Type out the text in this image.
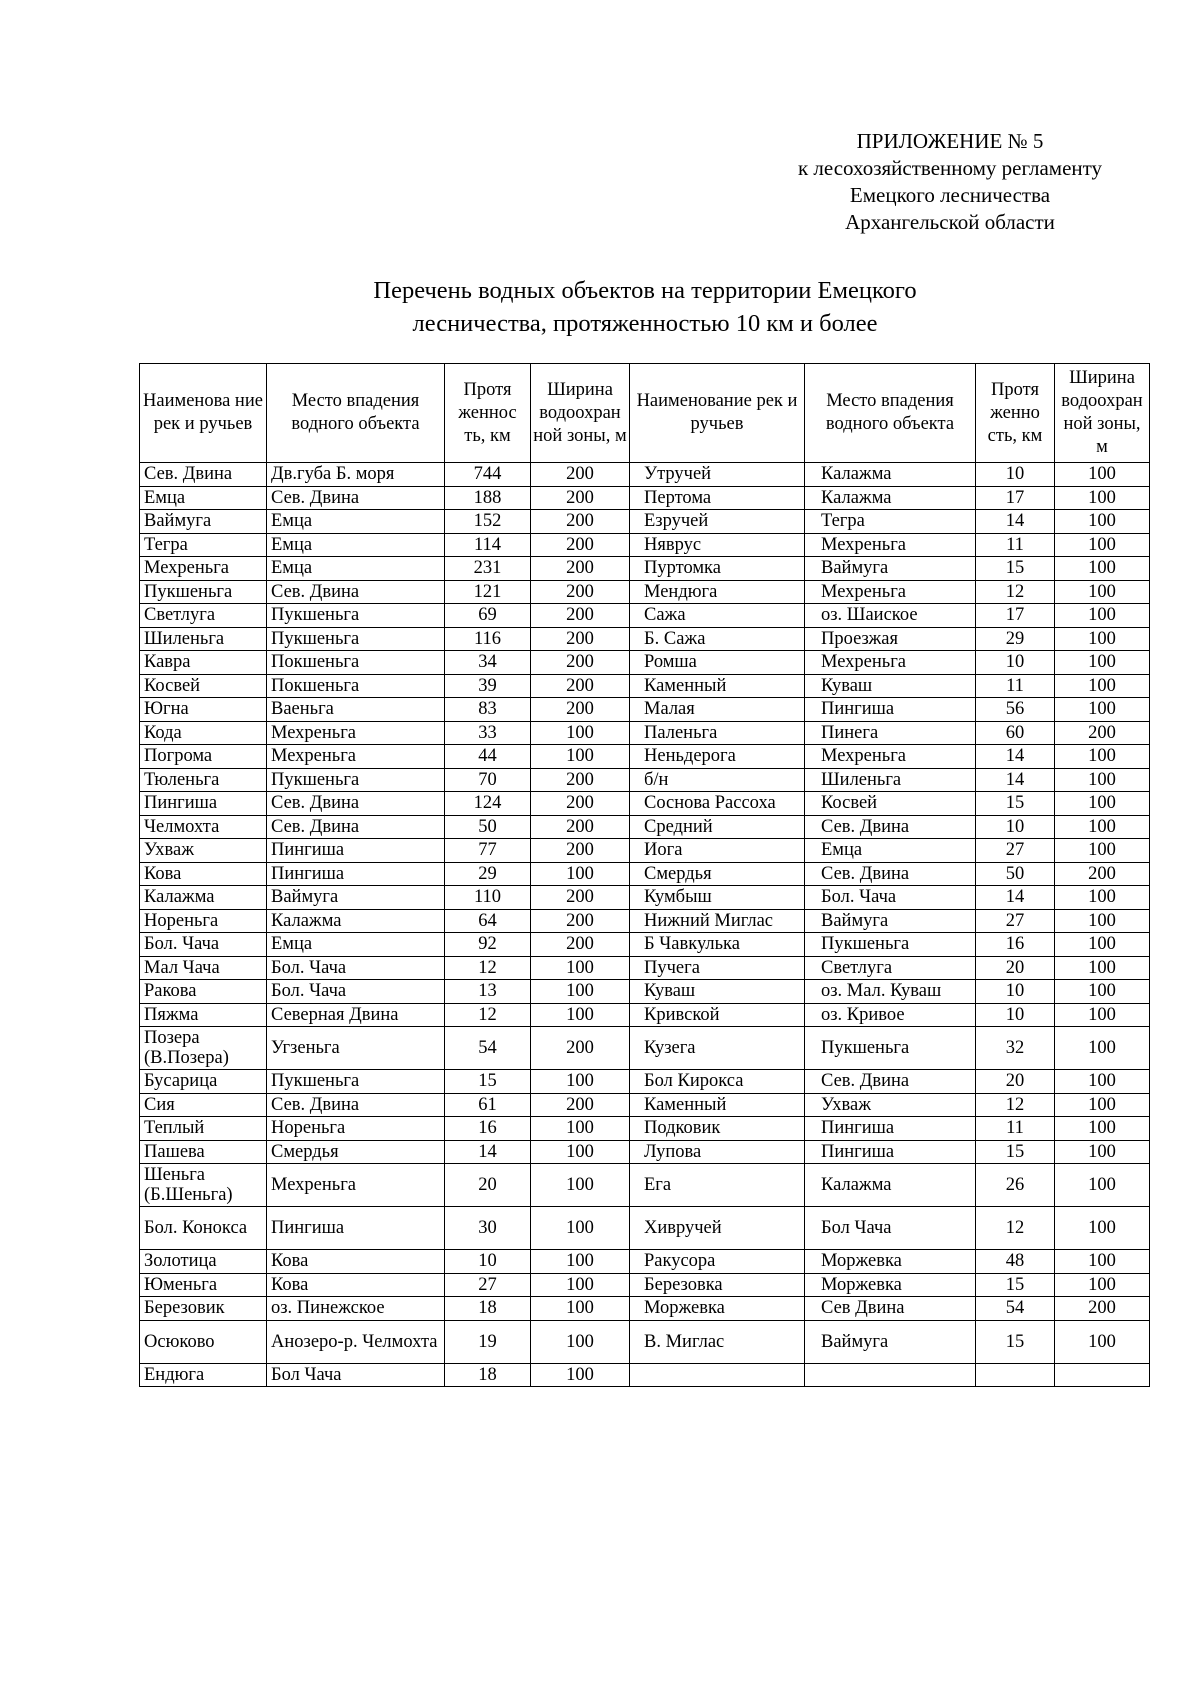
ПРИЛОЖЕНИЕ № 5
к лесохозяйственному регламенту
Емецкого лесничества
Архангельской области
Перечень водных объектов на территории Емецкого
лесничества, протяженностью 10 км и более
Наименова ние рек и ручьев	Место впадения водного объекта	Протя женнос ть, км	Ширина водоохран ной зоны, м	Наименование рек и ручьев	Место впадения водного объекта	Протя женно сть, км	Ширина водоохран ной зоны, м
Сев. Двина	Дв.губа Б. моря	744	200	Утручей	Калажма	10	100
Емца	Сев. Двина	188	200	Пертома	Калажма	17	100
Ваймуга	Емца	152	200	Езручей	Тегра	14	100
Тегра	Емца	114	200	Няврус	Мехреньга	11	100
Мехреньга	Емца	231	200	Пуртомка	Ваймуга	15	100
Пукшеньга	Сев. Двина	121	200	Мендюга	Мехреньга	12	100
Светлуга	Пукшеньга	69	200	Сажа	оз. Шаиское	17	100
Шиленьга	Пукшеньга	116	200	Б. Сажа	Проезжая	29	100
Кавра	Покшеньга	34	200	Ромша	Мехреньга	10	100
Косвей	Покшеньга	39	200	Каменный	Куваш	11	100
Югна	Ваеньга	83	200	Малая	Пингиша	56	100
Кода	Мехреньга	33	100	Паленьга	Пинега	60	200
Погрома	Мехреньга	44	100	Неньдерога	Мехреньга	14	100
Тюленьга	Пукшеньга	70	200	б/н	Шиленьга	14	100
Пингиша	Сев. Двина	124	200	Соснова Рассоха	Косвей	15	100
Челмохта	Сев. Двина	50	200	Средний	Сев. Двина	10	100
Ухваж	Пингиша	77	200	Иога	Емца	27	100
Кова	Пингиша	29	100	Смердья	Сев. Двина	50	200
Калажма	Ваймуга	110	200	Кумбыш	Бол. Чача	14	100
Нореньга	Калажма	64	200	Нижний Миглас	Ваймуга	27	100
Бол. Чача	Емца	92	200	Б Чавкулька	Пукшеньга	16	100
Мал Чача	Бол. Чача	12	100	Пучега	Светлуга	20	100
Ракова	Бол. Чача	13	100	Куваш	оз. Мал. Куваш	10	100
Пяжма	Северная Двина	12	100	Кривской	оз. Кривое	10	100
Позера (В.Позера)	Угзеньга	54	200	Кузега	Пукшеньга	32	100
Бусарица	Пукшеньга	15	100	Бол Кирокса	Сев. Двина	20	100
Сия	Сев. Двина	61	200	Каменный	Ухваж	12	100
Теплый	Нореньга	16	100	Подковик	Пингиша	11	100
Пашева	Смердья	14	100	Лупова	Пингиша	15	100
Шеньга (Б.Шеньга)	Мехреньга	20	100	Ега	Калажма	26	100
Бол. Конокса	Пингиша	30	100	Хивручей	Бол Чача	12	100
Золотица	Кова	10	100	Ракусора	Моржевка	48	100
Юменьга	Кова	27	100	Березовка	Моржевка	15	100
Березовик	оз. Пинежское	18	100	Моржевка	Сев Двина	54	200
Осюково	Анозеро-р. Челмохта	19	100	В. Миглас	Ваймуга	15	100
Ендюга	Бол Чача	18	100				
